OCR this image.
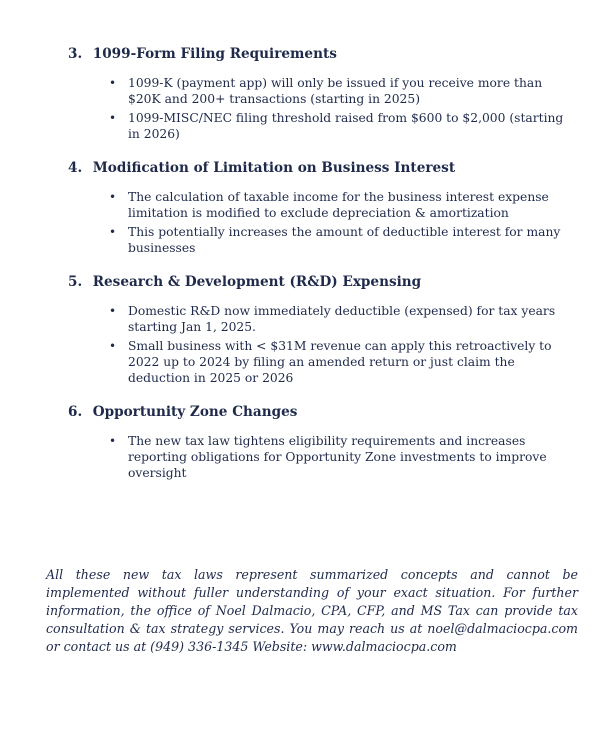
3. 1099-Form Filing Requirements
• 1099-K (payment app) will only be issued if you receive more than $20K and 200+ transactions (starting in 2025)
• 1099-MISC/NEC filing threshold raised from $600 to $2,000 (starting in 2026)
4. Modification of Limitation on Business Interest
• The calculation of taxable income for the business interest expense limitation is modified to exclude depreciation & amortization
• This potentially increases the amount of deductible interest for many businesses
5. Research & Development (R&D) Expensing
• Domestic R&D now immediately deductible (expensed) for tax years starting Jan 1, 2025.
• Small business with < $31M revenue can apply this retroactively to 2022 up to 2024 by filing an amended return or just claim the deduction in 2025 or 2026
6. Opportunity Zone Changes
• The new tax law tightens eligibility requirements and increases reporting obligations for Opportunity Zone investments to improve oversight
All these new tax laws represent summarized concepts and cannot be implemented without fuller understanding of your exact situation. For further information, the office of Noel Dalmacio, CPA, CFP, and MS Tax can provide tax consultation & tax strategy services. You may reach us at noel@dalmaciocpa.com or contact us at (949) 336-1345 Website: www.dalmaciocpa.com
